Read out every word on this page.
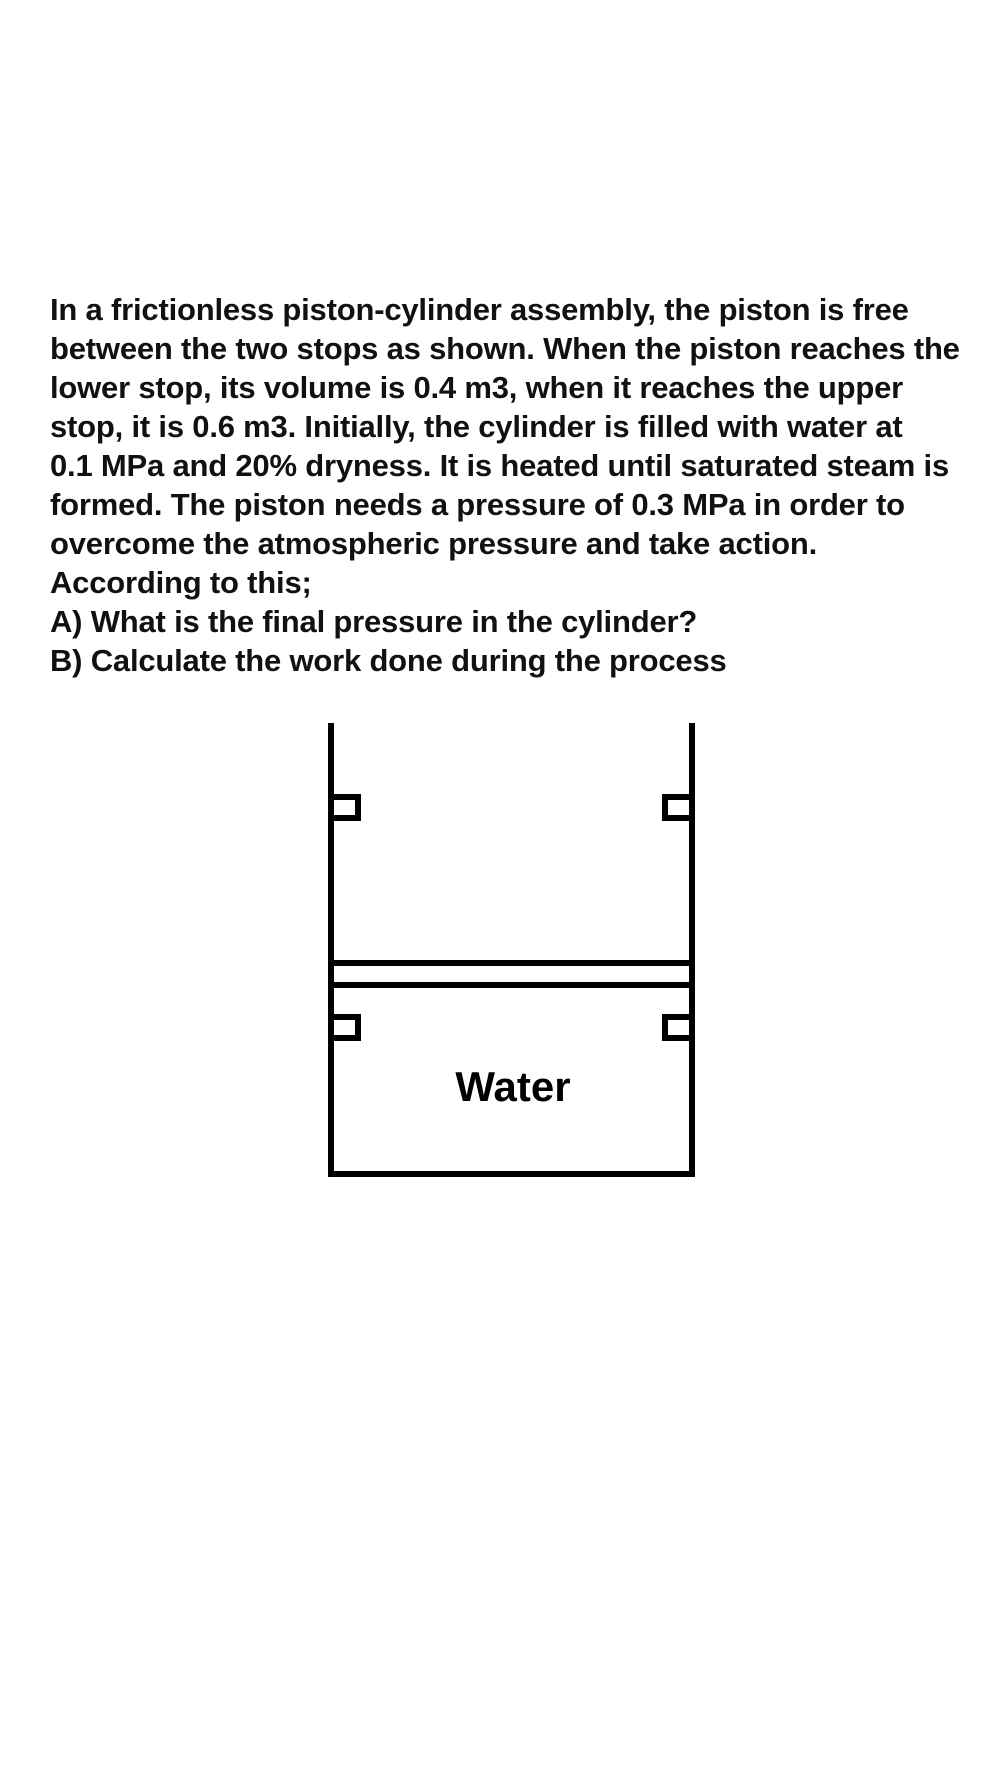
In a frictionless piston-cylinder assembly, the piston is free
between the two stops as shown. When the piston reaches the
lower stop, its volume is 0.4 m3, when it reaches the upper
stop, it is 0.6 m3. Initially, the cylinder is filled with water at
0.1 MPa and 20% dryness. It is heated until saturated steam is
formed. The piston needs a pressure of 0.3 MPa in order to
overcome the atmospheric pressure and take action.
According to this;
A) What is the final pressure in the cylinder?
B) Calculate the work done during the process
Water
